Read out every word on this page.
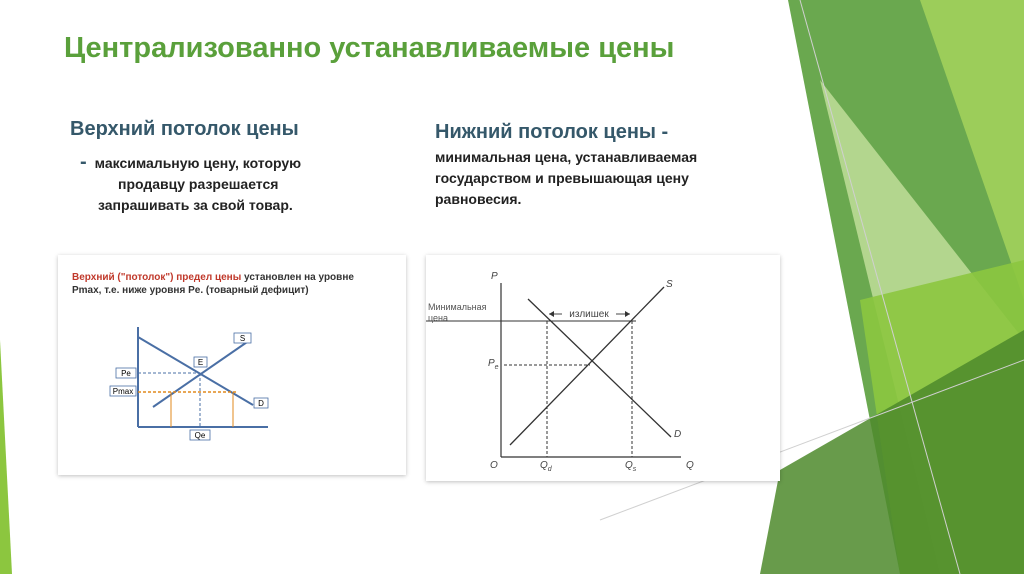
Централизованно устанавливаемые цены
Верхний потолок цены
- максимальную цену, которую
продавцу разрешается
запрашивать за свой товар.
Нижний потолок цены -
минимальная цена, устанавливаемая
государством и превышающая цену
равновесия.
Верхний ("потолок") предел цены установлен на уровне
Pmax, т.е. ниже уровня Pe. (товарный дефицит)
S
E
D
Pe
Pmax
Qe
P
Q
O
излишек
Минимальная
цена
S
D
$P_e$
$Q_d$	$Q_s$
